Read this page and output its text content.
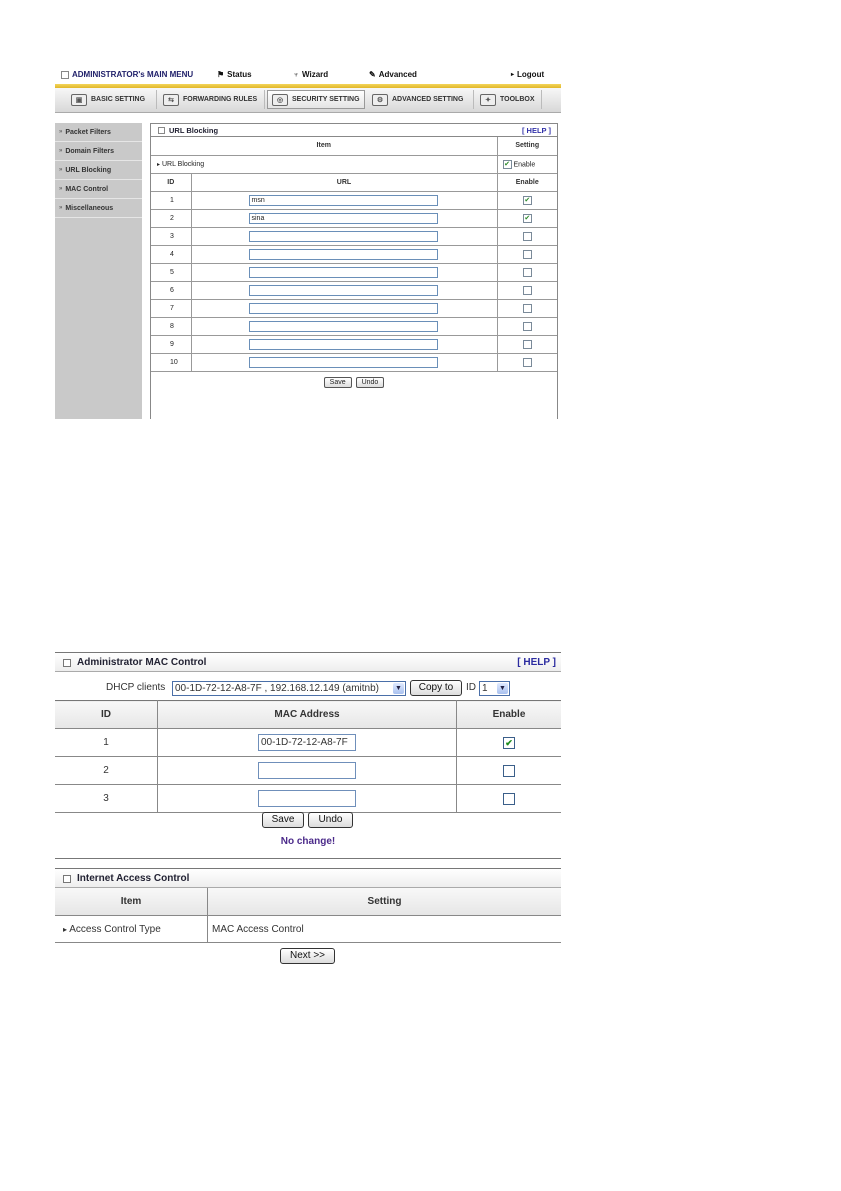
ADMINISTRATOR's MAIN MENU	⚑ Status	♆ Wizard	✎ Advanced	▸ Logout
▣	BASIC SETTING	⇆	FORWARDING RULES	◎	SECURITY SETTING	⚙	ADVANCED SETTING	✦	TOOLBOX
» Packet Filters
» Domain Filters
» URL Blocking
» MAC Control
» Miscellaneous
URL Blocking	[ HELP ]
Item		Setting
▸ URL Blocking		✔ Enable
ID	URL	Enable
1	msn	✔
2	sina	✔
3		
4		
5		
6		
7		
8		
9		
10		
Save Undo		
Administrator MAC Control	[ HELP ]
DHCP clients 00-1D-72-12-A8-7F , 192.168.12.149 (amitnb) ▼	Copy to	ID 1 ▼
ID	MAC Address	Enable
1	00-1D-72-12-A8-7F	✔
2		
3		
Save	Undo
No change!
Internet Access Control
Item	Setting
▸ Access Control Type	MAC Access Control
Next >>
